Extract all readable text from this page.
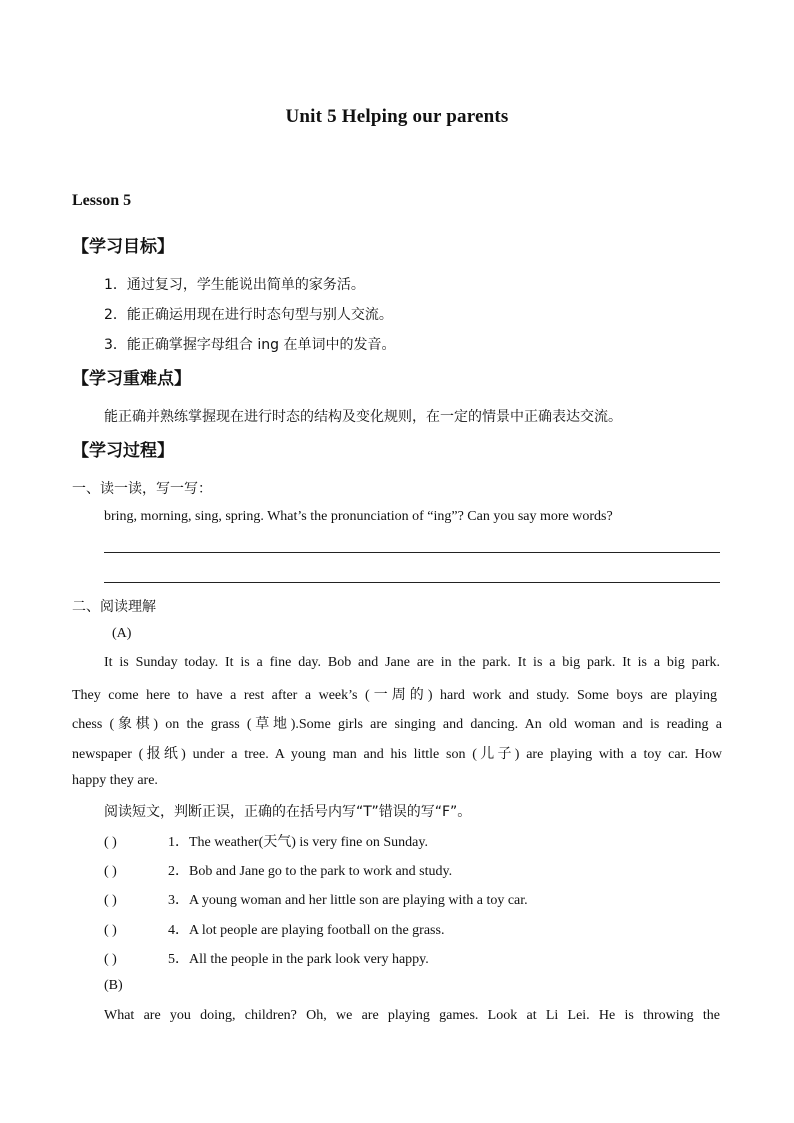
Unit 5 Helping our parents
Lesson 5
【学习目标】
1．通过复习，学生能说出简单的家务活。
2．能正确运用现在进行时态句型与别人交流。
3．能正确掌握字母组合 ing 在单词中的发音。
【学习重难点】
能正确并熟练掌握现在进行时态的结构及变化规则，在一定的情景中正确表达交流。
【学习过程】
一、读一读，写一写：
bring, morning, sing, spring. What’s the pronunciation of “ing”? Can you say more words?
二、阅读理解
(A)
It is Sunday today. It is a fine day. Bob and Jane are in the park. It is a big park. It is a big park.
They come here to have a rest after a week’s (一周的) hard work and study. Some boys are playing
chess (象棋) on the grass (草地).Some girls are singing and dancing. An old woman and is reading a
newspaper (报纸) under a tree. A young man and his little son (儿子) are playing with a toy car. How
happy they are.
阅读短文，判断正误，正确的在括号内写“T”错误的写“F”。
( )	1．The weather(天气) is very fine on Sunday.
( )	2．Bob and Jane go to the park to work and study.
( )	3．A young woman and her little son are playing with a toy car.
( )	4．A lot people are playing football on the grass.
( )	5．All the people in the park look very happy.
(B)
What are you doing, children? Oh, we are playing games. Look at Li Lei. He is throwing the
